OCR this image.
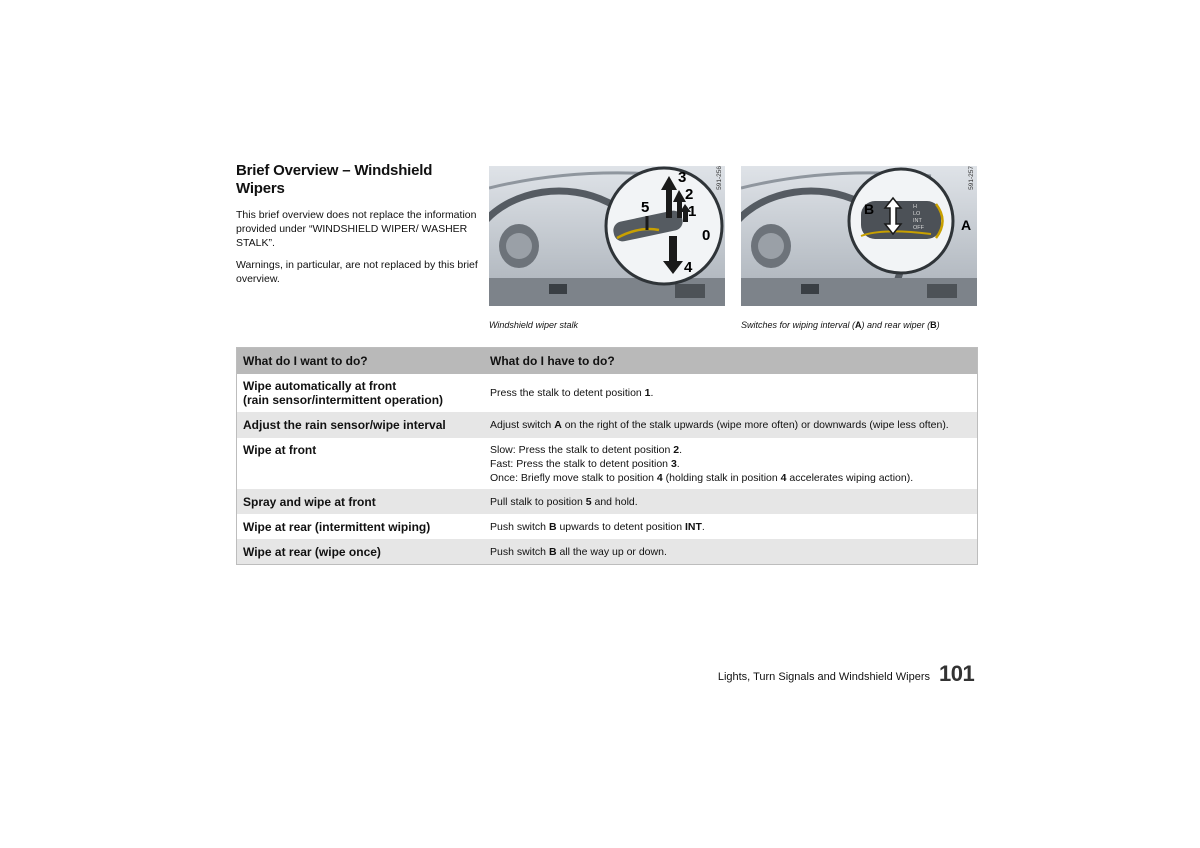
Brief Overview – Windshield Wipers

This brief overview does not replace the information provided under “WINDSHIELD WIPER/ WASHER STALK”.

Warnings, in particular, are not replaced by this brief overview.

3
2
1
5
0
4
591-256
Windshield wiper stalk
H
LO
INT
OFF
B
A
591-257
Switches for wiping interval (A) and rear wiper (B)
What do I want to do?	What do I have to do?

Wipe automatically at front
(rain sensor/intermittent operation)	Press the stalk to detent position 1.

Adjust the rain sensor/wipe interval	Adjust switch A on the right of the stalk upwards (wipe more often) or downwards (wipe less often).

Wipe at front	Slow: Press the stalk to detent position 2.
Fast: Press the stalk to detent position 3.
Once: Briefly move stalk to position 4 (holding stalk in position 4 accelerates wiping action).

Spray and wipe at front	Pull stalk to position 5 and hold.

Wipe at rear (intermittent wiping)	Push switch B upwards to detent position INT.

Wipe at rear (wipe once)	Push switch B all the way up or down.
Lights, Turn Signals and Windshield Wipers 101
